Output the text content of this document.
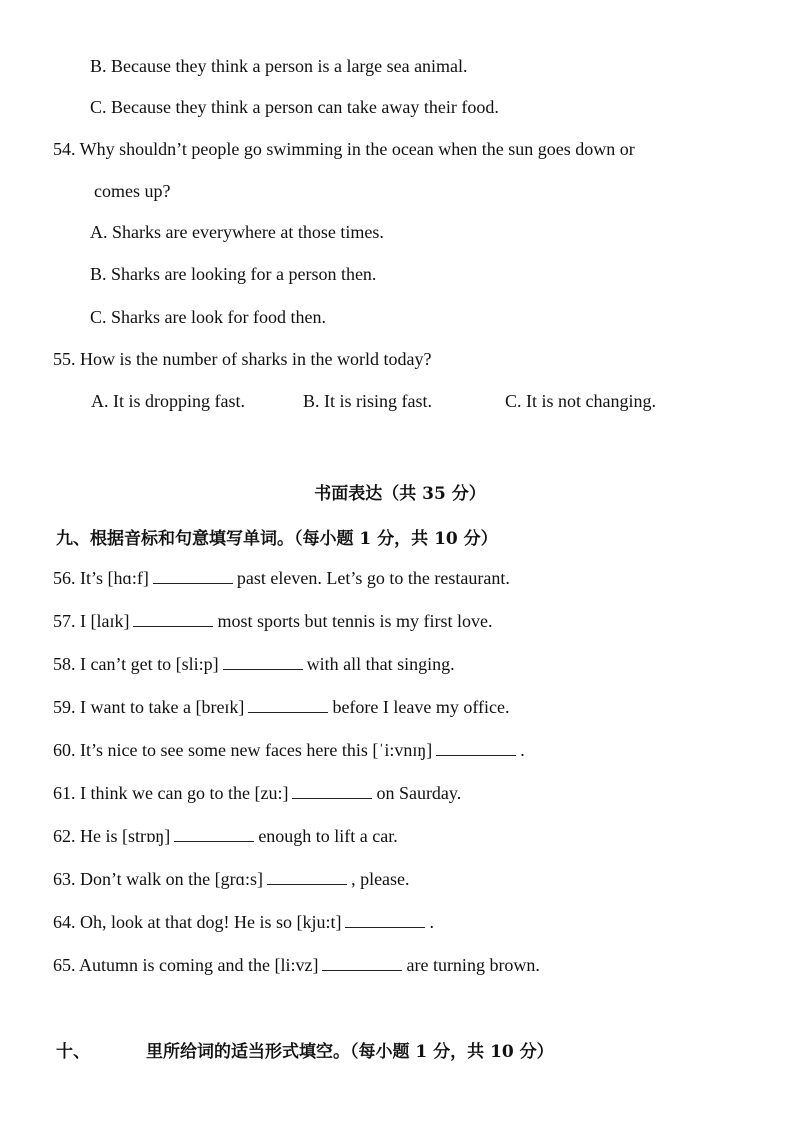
B. Because they think a person is a large sea animal.
C. Because they think a person can take away their food.
54. Why shouldn’t people go swimming in the ocean when the sun goes down or
comes up?
A. Sharks are everywhere at those times.
B. Sharks are looking for a person then.
C. Sharks are look for food then.
55. How is the number of sharks in the world today?
A. It is dropping fast.	B. It is rising fast.	C. It is not changing.
书面表达（共 35 分）
九、根据音标和句意填写单词。（每小题 1 分，共 10 分）
56. It’s [hɑ:f]	past eleven. Let’s go to the restaurant.
57. I [laɪk]	most sports but tennis is my first love.
58. I can’t get to [sli:p]	with all that singing.
59. I want to take a [breɪk]	before I leave my office.
60. It’s nice to see some new faces here this [ˈi:vnɪŋ]	.
61. I think we can go to the [zu:]	on Saurday.
62. He is [strɒŋ]	enough to lift a car.
63. Don’t walk on the [grɑ:s]	, please.
64. Oh, look at that dog! He is so [kju:t]	.
65. Autumn is coming and the [li:vz]	are turning brown.
十、	里所给词的适当形式填空。（每小题 1 分，共 10 分）
